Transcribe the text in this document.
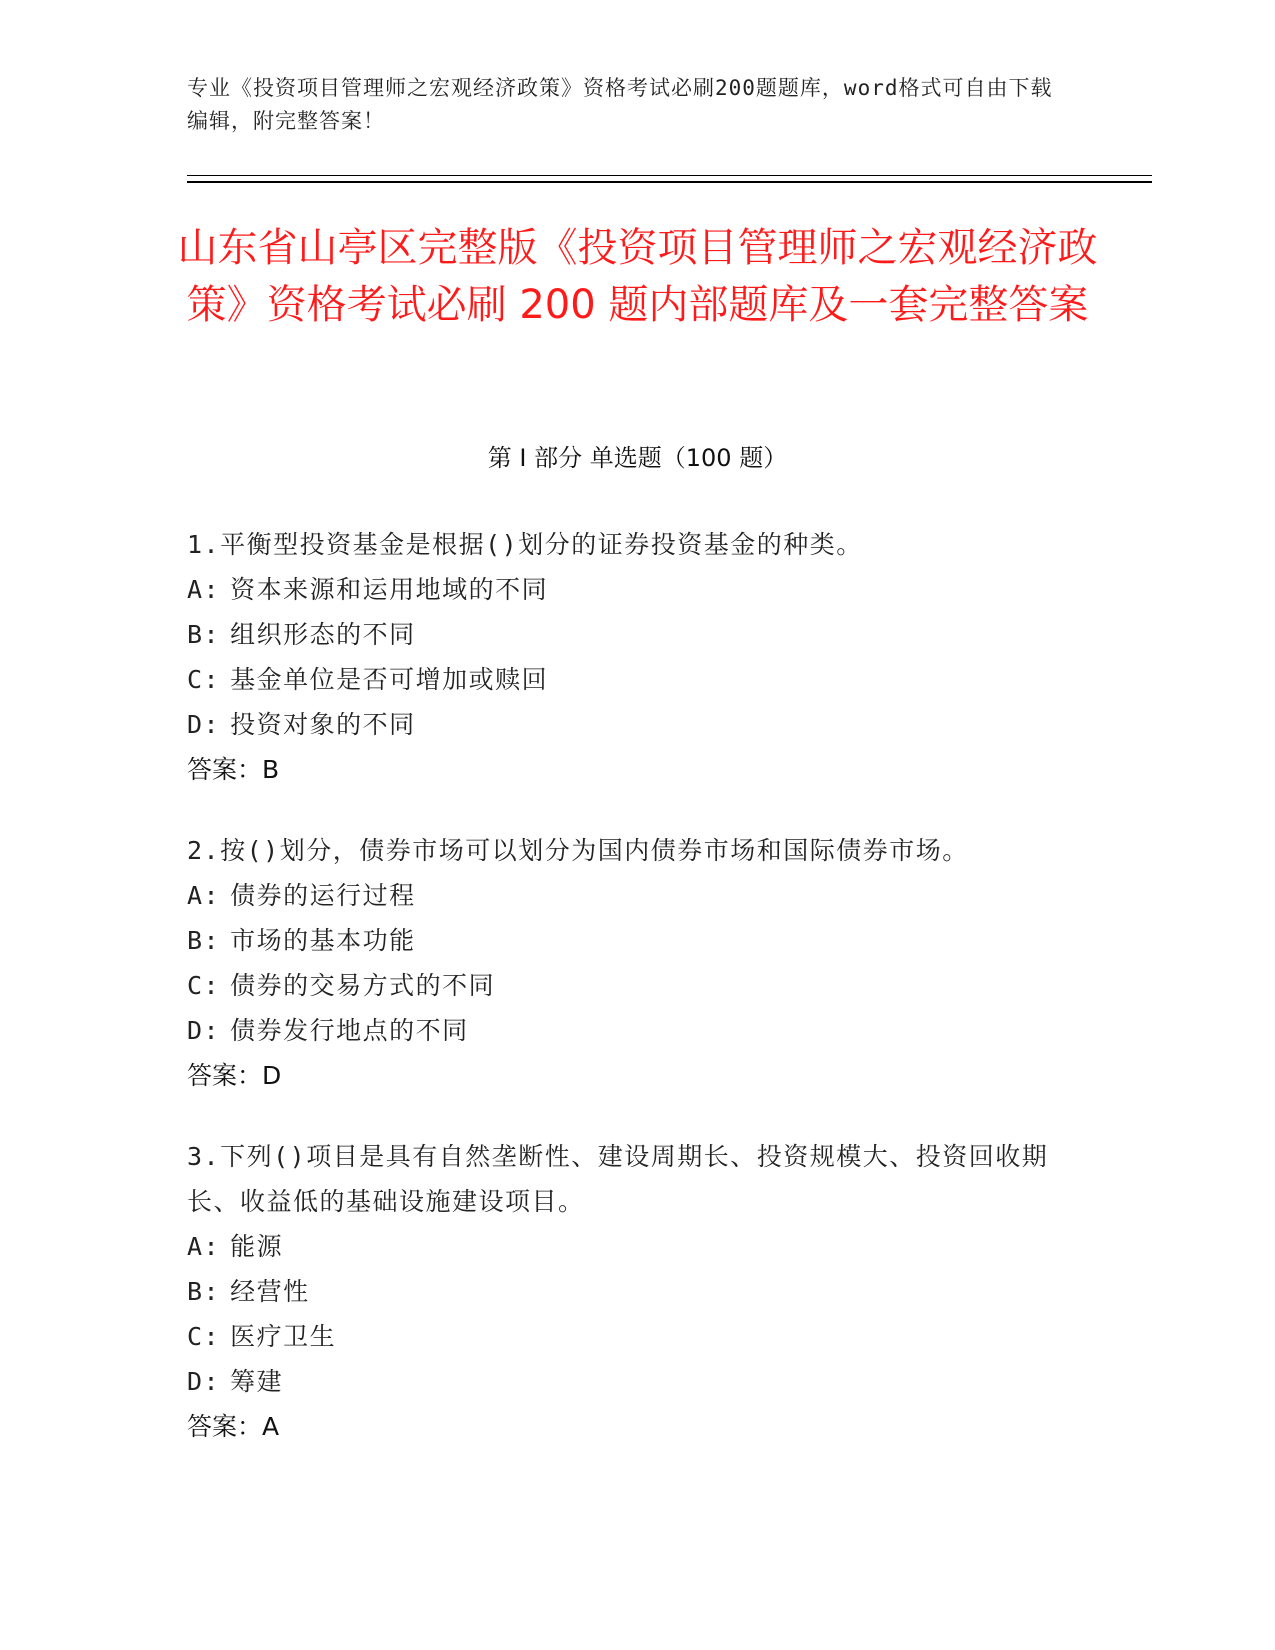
专业《投资项目管理师之宏观经济政策》资格考试必刷200题题库，word格式可自由下载编辑，附完整答案！
山东省山亭区完整版《投资项目管理师之宏观经济政策》资格考试必刷 200 题内部题库及一套完整答案
第 I 部分 单选题（100 题）
1.平衡型投资基金是根据()划分的证券投资基金的种类。
A: 资本来源和运用地域的不同
B: 组织形态的不同
C: 基金单位是否可增加或赎回
D: 投资对象的不同
答案：B
2.按()划分，债券市场可以划分为国内债券市场和国际债券市场。
A: 债券的运行过程
B: 市场的基本功能
C: 债券的交易方式的不同
D: 债券发行地点的不同
答案：D
3.下列()项目是具有自然垄断性、建设周期长、投资规模大、投资回收期长、收益低的基础设施建设项目。
A: 能源
B: 经营性
C: 医疗卫生
D: 筹建
答案：A
